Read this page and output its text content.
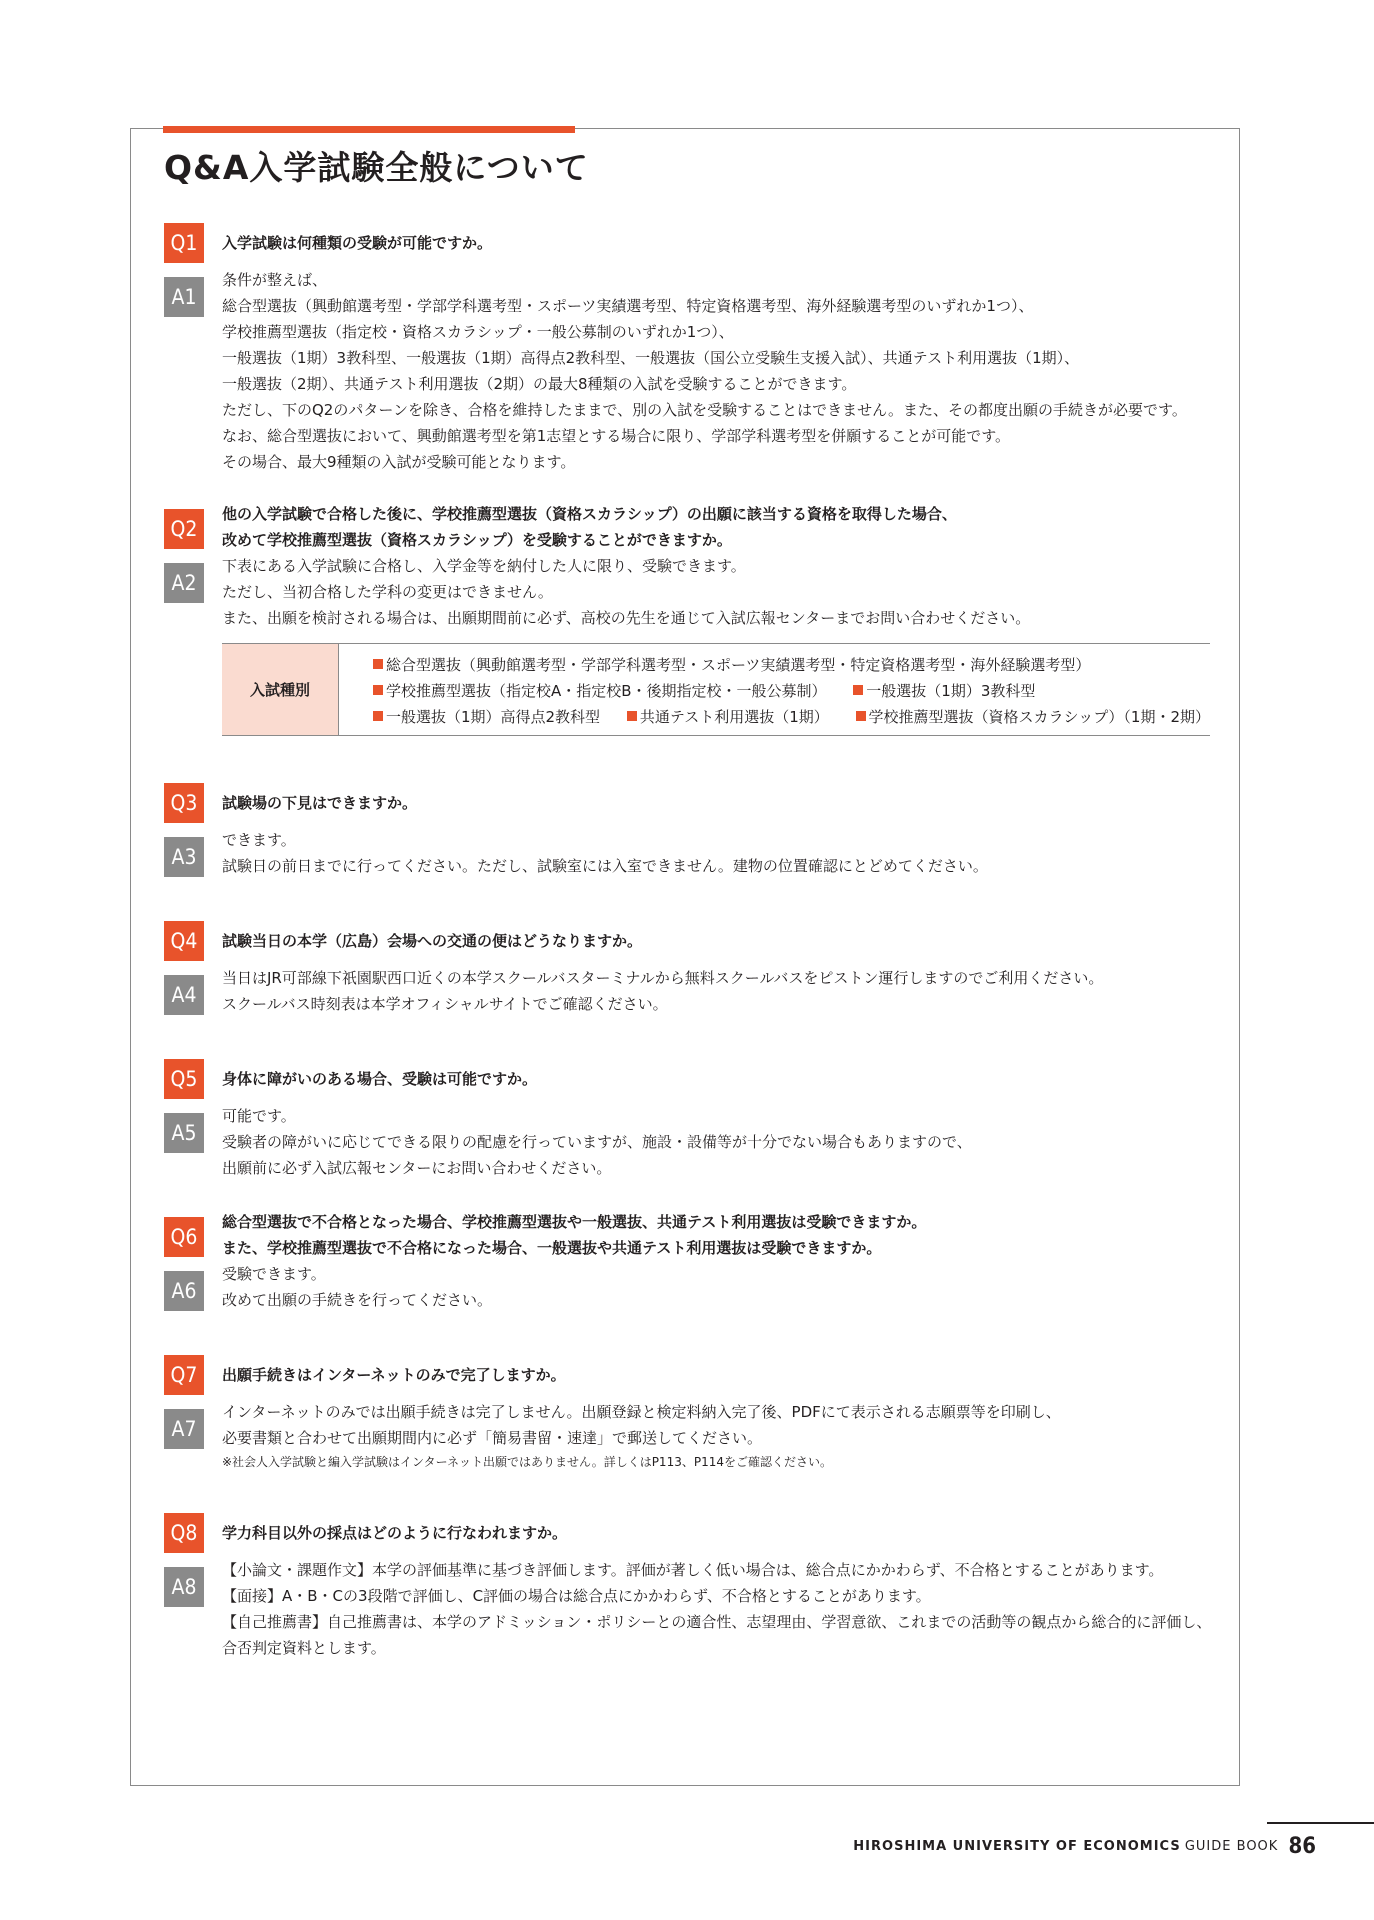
Q&A入学試験全般について
Q1	入学試験は何種類の受験が可能ですか。

A1

条件が整えば、

総合型選抜（興動館選考型・学部学科選考型・スポーツ実績選考型、特定資格選考型、海外経験選考型のいずれか1つ）、

学校推薦型選抜（指定校・資格スカラシップ・一般公募制のいずれか1つ）、

一般選抜（1期）3教科型、一般選抜（1期）高得点2教科型、一般選抜（国公立受験生支援入試）、共通テスト利用選抜（1期）、

一般選抜（2期）、共通テスト利用選抜（2期）の最大8種類の入試を受験することができます。

ただし、下のQ2のパターンを除き、合格を維持したままで、別の入試を受験することはできません。また、その都度出願の手続きが必要です。

なお、総合型選抜において、興動館選考型を第1志望とする場合に限り、学部学科選考型を併願することが可能です。

その場合、最大9種類の入試が受験可能となります。

Q2

他の入学試験で合格した後に、学校推薦型選抜（資格スカラシップ）の出願に該当する資格を取得した場合、

改めて学校推薦型選抜（資格スカラシップ）を受験することができますか。

A2

下表にある入学試験に合格し、入学金等を納付した人に限り、受験できます。

ただし、当初合格した学科の変更はできません。

また、出願を検討される場合は、出願期間前に必ず、高校の先生を通じて入試広報センターまでお問い合わせください。

入試種別

総合型選抜（興動館選考型・学部学科選考型・スポーツ実績選考型・特定資格選考型・海外経験選考型）

学校推薦型選抜（指定校A・指定校B・後期指定校・一般公募制）	一般選抜（1期）3教科型

一般選抜（1期）高得点2教科型	共通テスト利用選抜（1期）	学校推薦型選抜（資格スカラシップ）（1期・2期）

Q3	試験場の下見はできますか。

A3

できます。

試験日の前日までに行ってください。ただし、試験室には入室できません。建物の位置確認にとどめてください。

Q4	試験当日の本学（広島）会場への交通の便はどうなりますか。

A4

当日はJR可部線下祇園駅西口近くの本学スクールバスターミナルから無料スクールバスをピストン運行しますのでご利用ください。

スクールバス時刻表は本学オフィシャルサイトでご確認ください。

Q5	身体に障がいのある場合、受験は可能ですか。

A5

可能です。

受験者の障がいに応じてできる限りの配慮を行っていますが、施設・設備等が十分でない場合もありますので、

出願前に必ず入試広報センターにお問い合わせください。

Q6

総合型選抜で不合格となった場合、学校推薦型選抜や一般選抜、共通テスト利用選抜は受験できますか。

また、学校推薦型選抜で不合格になった場合、一般選抜や共通テスト利用選抜は受験できますか。

A6

受験できます。

改めて出願の手続きを行ってください。

Q7	出願手続きはインターネットのみで完了しますか。

A7

インターネットのみでは出願手続きは完了しません。出願登録と検定料納入完了後、PDFにて表示される志願票等を印刷し、

必要書類と合わせて出願期間内に必ず「簡易書留・速達」で郵送してください。

※社会人入学試験と編入学試験はインターネット出願ではありません。詳しくはP113、P114をご確認ください。

Q8	学力科目以外の採点はどのように行なわれますか。

A8

【小論文・課題作文】本学の評価基準に基づき評価します。評価が著しく低い場合は、総合点にかかわらず、不合格とすることがあります。

【面接】A・B・Cの3段階で評価し、C評価の場合は総合点にかかわらず、不合格とすることがあります。

【自己推薦書】自己推薦書は、本学のアドミッション・ポリシーとの適合性、志望理由、学習意欲、これまでの活動等の観点から総合的に評価し、

合否判定資料とします。

HIROSHIMA UNIVERSITY OF ECONOMICS GUIDE BOOK 86
